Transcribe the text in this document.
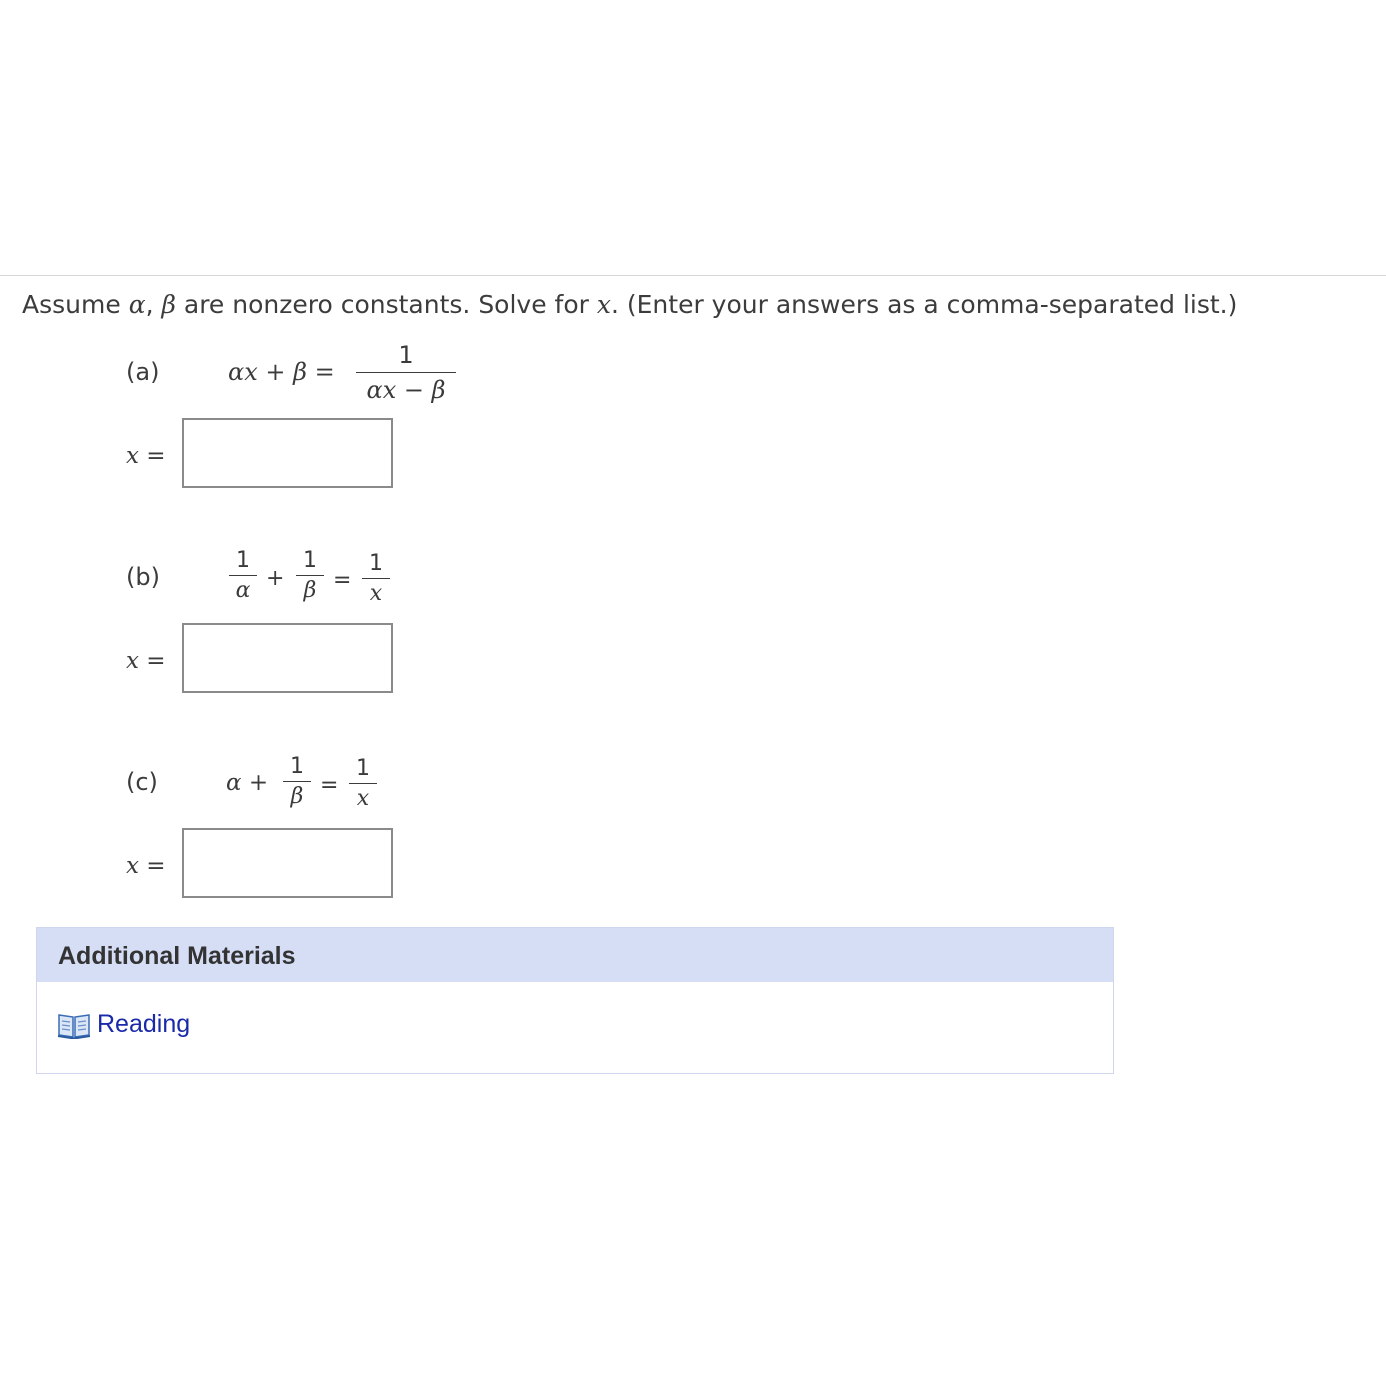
Assume α, β are nonzero constants. Solve for x. (Enter your answers as a comma-separated list.)
(a)	αx + β =
1
αx − β
x =
(b)
1
α +
1
β =
1
x
x =
(c)	α +
1
β =
1
x
x =
Additional Materials
Reading
